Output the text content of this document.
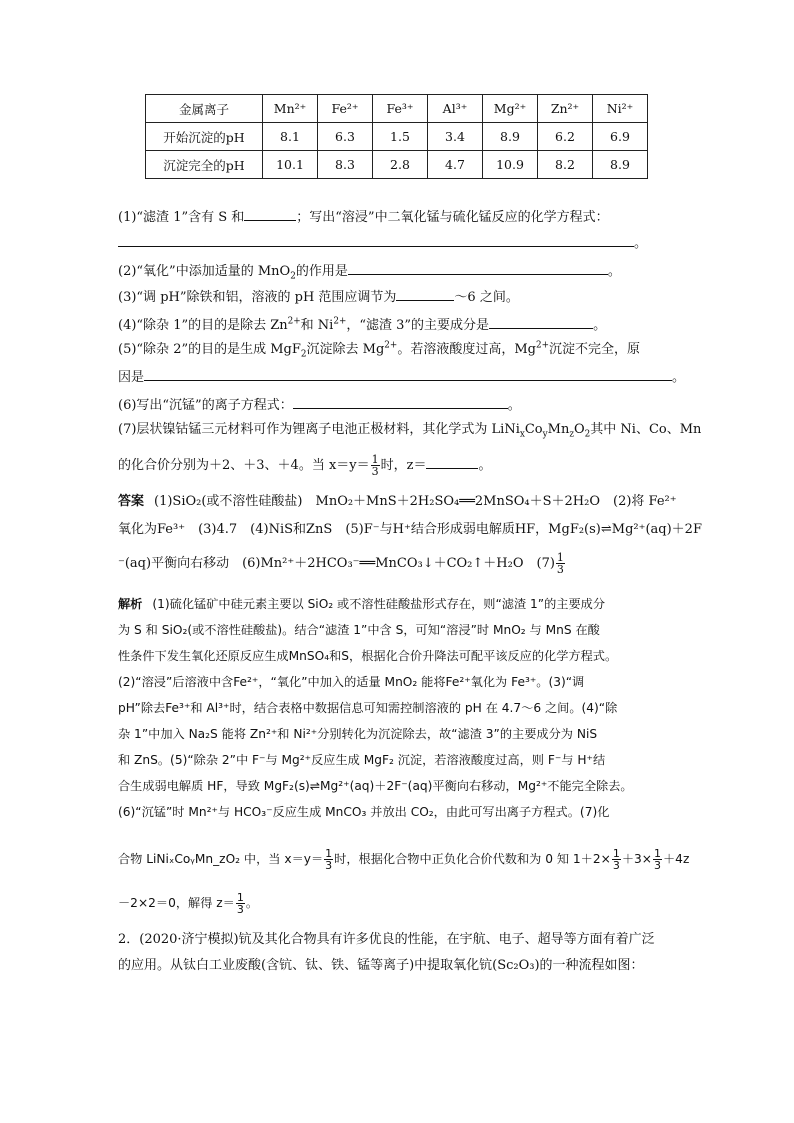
金属离子	Mn²⁺	Fe²⁺	Fe³⁺	Al³⁺	Mg²⁺	Zn²⁺	Ni²⁺
开始沉淀的pH	8.1	6.3	1.5	3.4	8.9	6.2	6.9
沉淀完全的pH	10.1	8.3	2.8	4.7	10.9	8.2	8.9
(1)“滤渣 1”含有 S 和	；写出“溶浸”中二氧化锰与硫化锰反应的化学方程式：
。
(2)“氧化”中添加适量的 MnO$_2$的作用是	。
(3)“调 pH”除铁和铝，溶液的 pH 范围应调节为	～6 之间。
(4)“除杂 1”的目的是除去 $Zn^{2+}$和 $Ni^{2+}$，“滤渣 3”的主要成分是	。
(5)“除杂 2”的目的是生成 MgF$_2$沉淀除去 $Mg^{2+}$。若溶液酸度过高，$Mg^{2+}$沉淀不完全，原
因是	。
(6)写出“沉锰”的离子方程式：	。
(7)层状镍钴锰三元材料可作为锂离子电池正极材料，其化学式为 $LiNi_xCo_yMn_zO_2$其中 Ni、Co、Mn
的化合价分别为＋2、＋3、＋4。当 $x=y= \frac{1}{3}$ 时，z＝	。
答案 (1)SiO₂(或不溶性硅酸盐)　MnO₂＋MnS＋2H₂SO₄══2MnSO₄＋S＋2H₂O　(2)将 Fe²⁺
氧化为Fe³⁺　(3)4.7　(4)NiS和ZnS　(5)F⁻与H⁺结合形成弱电解质HF，MgF₂(s)⇌Mg²⁺(aq)＋2F
⁻(aq)平衡向右移动　(6)Mn²⁺＋2HCO₃⁻══MnCO₃↓＋CO₂↑＋H₂O　$(7) \frac{1}{3}$
解析 (1)硫化锰矿中硅元素主要以 SiO₂ 或不溶性硅酸盐形式存在，则“滤渣 1”的主要成分
为 S 和 SiO₂(或不溶性硅酸盐)。结合“滤渣 1”中含 S，可知“溶浸”时 MnO₂ 与 MnS 在酸
性条件下发生氧化还原反应生成MnSO₄和S，根据化合价升降法可配平该反应的化学方程式。
(2)“溶浸”后溶液中含Fe²⁺，“氧化”中加入的适量 MnO₂ 能将Fe²⁺氧化为 Fe³⁺。(3)“调
pH”除去Fe³⁺和 Al³⁺时，结合表格中数据信息可知需控制溶液的 pH 在 4.7～6 之间。(4)“除
杂 1”中加入 Na₂S 能将 Zn²⁺和 Ni²⁺分别转化为沉淀除去，故“滤渣 3”的主要成分为 NiS
和 ZnS。(5)“除杂 2”中 F⁻与 Mg²⁺反应生成 MgF₂ 沉淀，若溶液酸度过高，则 F⁻与 H⁺结
合生成弱电解质 HF，导致 MgF₂(s)⇌Mg²⁺(aq)＋2F⁻(aq)平衡向右移动，Mg²⁺不能完全除去。
(6)“沉锰”时 Mn²⁺与 HCO₃⁻反应生成 MnCO₃ 并放出 CO₂，由此可写出离子方程式。(7)化
合物 LiNiₓCoᵧMn_zO₂ 中，当 $x=y= \frac{1}{3}$ 时，根据化合物中正负化合价代数和为 0 知 $1+2\times \frac{1}{3} +3\times \frac{1}{3} +4z$
－2×2＝0，解得 $z= \frac{1}{3}$ 。
2．(2020·济宁模拟)钪及其化合物具有许多优良的性能，在宇航、电子、超导等方面有着广泛
的应用。从钛白工业废酸(含钪、钛、铁、锰等离子)中提取氧化钪(Sc₂O₃)的一种流程如图：
